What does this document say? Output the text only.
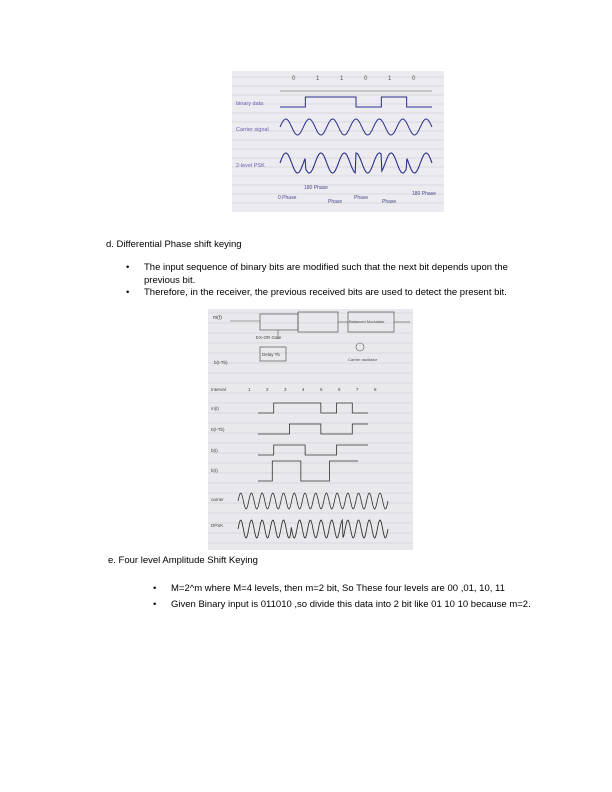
binary data
Carrier signal
2-level PSK
0	1	1	0	1	0
0 Phase
180 Phase
Phase
Phase
Phase
180 Phase
d. Differential Phase shift keying
• The input sequence of binary bits are modified such that the next bit depends upon the previous bit.
• Therefore, in the receiver, the previous received bits are used to detect the present bit.
m(t)
EX-OR Gate
Delay Tb
b(t-Tb)
Balanced Modulator
Carrier oscillator
Interval
m(t)
b(t-Tb)
b(t)
b(t)
carrier
DPSK
1	2	3	4	5	6	7	8
e. Four level Amplitude Shift Keying
• M=2^m where M=4 levels, then m=2 bit, So These four levels are 00 ,01, 10, 11
• Given Binary input is 011010 ,so divide this data into 2 bit like 01 10 10 because m=2.
